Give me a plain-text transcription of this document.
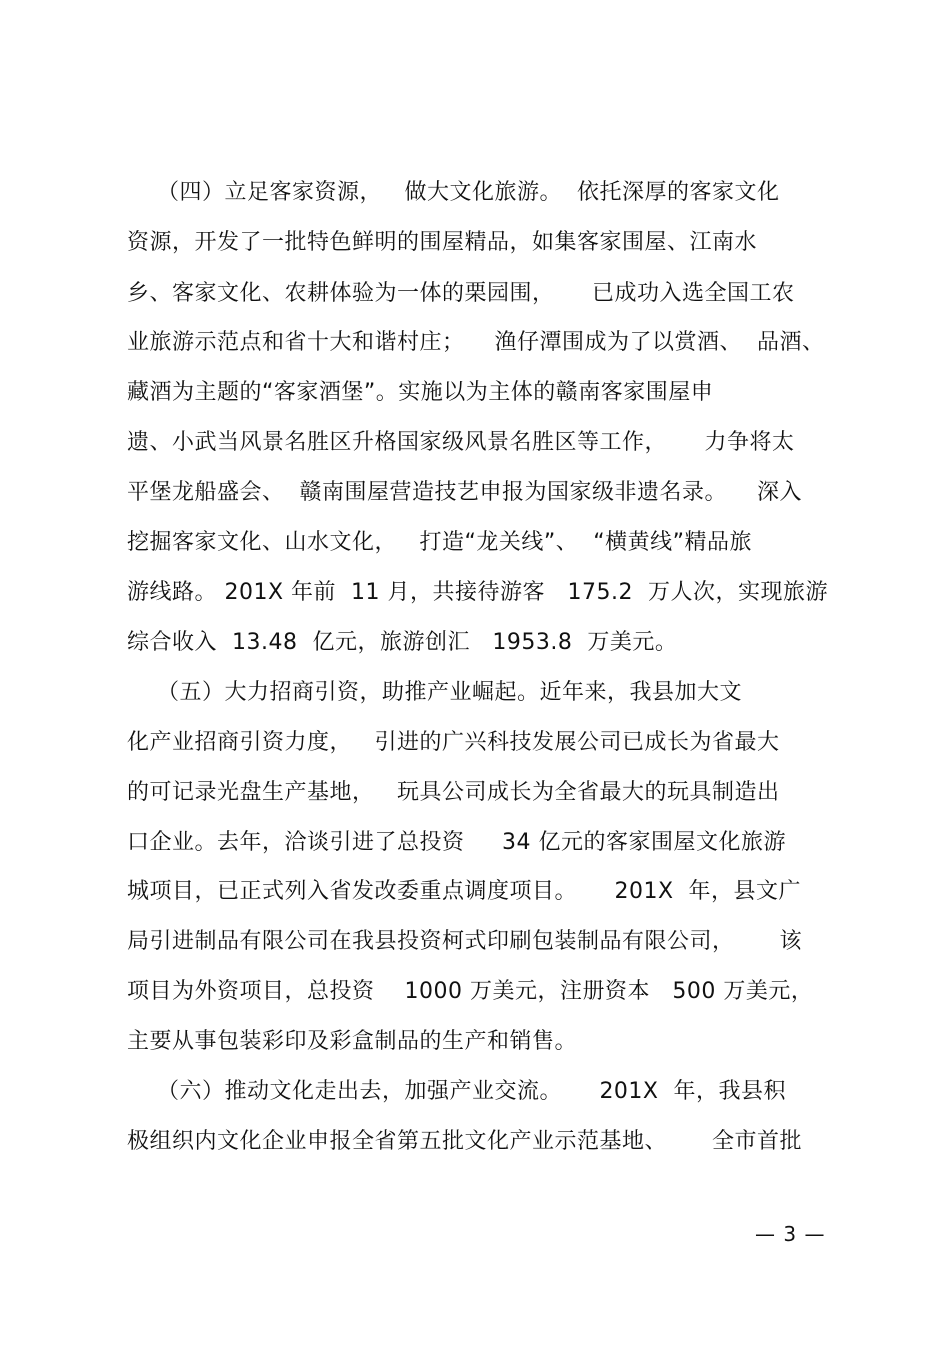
（四）立足客家资源，   做大文化旅游。  依托深厚的客家文化
资源，开发了一批特色鲜明的围屋精品，如集客家围屋、江南水
乡、客家文化、农耕体验为一体的栗园围，     已成功入选全国工农
业旅游示范点和省十大和谐村庄；    渔仔潭围成为了以赏酒、  品酒、
藏酒为主题的“客家酒堡”。实施以为主体的赣南客家围屋申
遗、小武当风景名胜区升格国家级风景名胜区等工作，     力争将太
平堡龙船盛会、  赣南围屋营造技艺申报为国家级非遗名录。    深入
挖掘客家文化、山水文化，   打造“龙关线”、  “横黄线”精品旅
游线路。 201X 年前  11 月，共接待游客   175.2  万人次，实现旅游
综合收入  13.48  亿元，旅游创汇   1953.8  万美元。
（五）大力招商引资，助推产业崛起。近年来，我县加大文
化产业招商引资力度，   引进的广兴科技发展公司已成长为省最大
的可记录光盘生产基地，   玩具公司成长为全省最大的玩具制造出
口企业。去年，洽谈引进了总投资     34 亿元的客家围屋文化旅游
城项目，已正式列入省发改委重点调度项目。     201X  年，县文广
局引进制品有限公司在我县投资柯式印刷包装制品有限公司，      该
项目为外资项目，总投资    1000 万美元，注册资本   500 万美元，
主要从事包装彩印及彩盒制品的生产和销售。
（六）推动文化走出去，加强产业交流。     201X  年，我县积
极组织内文化企业申报全省第五批文化产业示范基地、      全市首批
— 3 —
